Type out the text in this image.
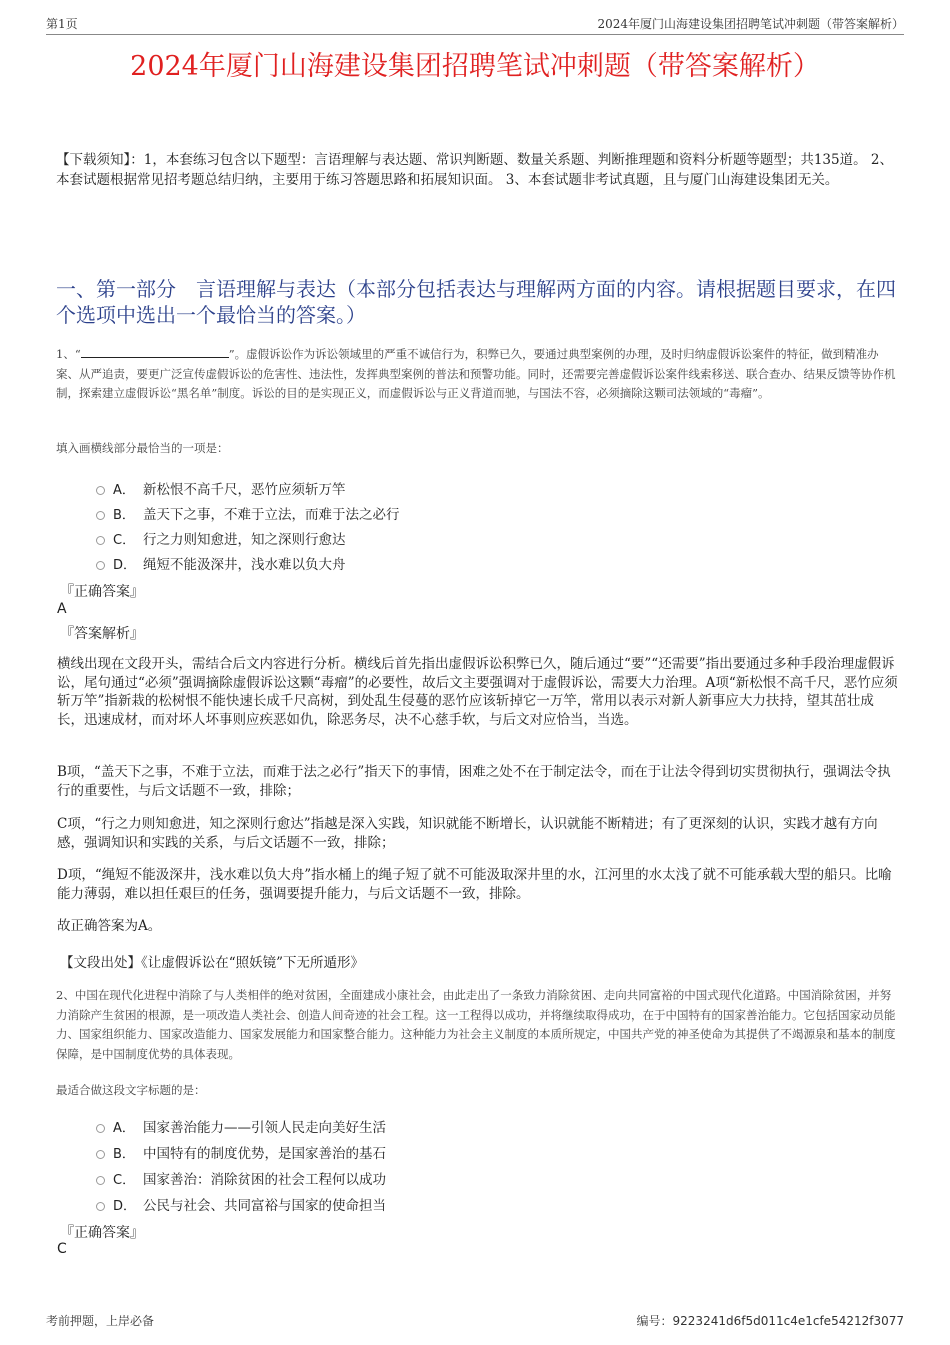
第1页	2024年厦门山海建设集团招聘笔试冲刺题（带答案解析）
2024年厦门山海建设集团招聘笔试冲刺题（带答案解析）
【下载须知】：1，本套练习包含以下题型：言语理解与表达题、常识判断题、数量关系题、判断推理题和资料分析题等题型；共135道。 2、本套试题根据常见招考题总结归纳，主要用于练习答题思路和拓展知识面。 3、本套试题非考试真题，且与厦门山海建设集团无关。
一、第一部分　言语理解与表达（本部分包括表达与理解两方面的内容。请根据题目要求，在四个选项中选出一个最恰当的答案。）
1、“	”。虚假诉讼作为诉讼领域里的严重不诚信行为，积弊已久，要通过典型案例的办理，及时归纳虚假诉讼案件的特征，做到精准办案、从严追责，要更广泛宣传虚假诉讼的危害性、违法性，发挥典型案例的普法和预警功能。同时，还需要完善虚假诉讼案件线索移送、联合查办、结果反馈等协作机制，探索建立虚假诉讼“黑名单”制度。诉讼的目的是实现正义，而虚假诉讼与正义背道而驰，与国法不容，必须摘除这颗司法领域的“毒瘤”。
填入画横线部分最恰当的一项是：
A． 新松恨不高千尺，恶竹应须斩万竿
B． 盖天下之事，不难于立法，而难于法之必行
C． 行之力则知愈进，知之深则行愈达
D． 绳短不能汲深井，浅水难以负大舟
『正确答案』
A
『答案解析』
横线出现在文段开头，需结合后文内容进行分析。横线后首先指出虚假诉讼积弊已久，随后通过“要”“还需要”指出要通过多种手段治理虚假诉讼，尾句通过“必须”强调摘除虚假诉讼这颗“毒瘤”的必要性，故后文主要强调对于虚假诉讼，需要大力治理。A项“新松恨不高千尺，恶竹应须斩万竿”指新栽的松树恨不能快速长成千尺高树，到处乱生侵蔓的恶竹应该斩掉它一万竿，常用以表示对新人新事应大力扶持，望其茁壮成长，迅速成材，而对坏人坏事则应疾恶如仇，除恶务尽，决不心慈手软，与后文对应恰当，当选。
B项，“盖天下之事，不难于立法，而难于法之必行”指天下的事情，困难之处不在于制定法令，而在于让法令得到切实贯彻执行，强调法令执行的重要性，与后文话题不一致，排除；
C项，“行之力则知愈进，知之深则行愈达”指越是深入实践，知识就能不断增长，认识就能不断精进；有了更深刻的认识，实践才越有方向感，强调知识和实践的关系，与后文话题不一致，排除；
D项，“绳短不能汲深井，浅水难以负大舟”指水桶上的绳子短了就不可能汲取深井里的水，江河里的水太浅了就不可能承载大型的船只。比喻能力薄弱，难以担任艰巨的任务，强调要提升能力，与后文话题不一致，排除。
故正确答案为A。
【文段出处】《让虚假诉讼在“照妖镜”下无所遁形》
2、中国在现代化进程中消除了与人类相伴的绝对贫困，全面建成小康社会，由此走出了一条致力消除贫困、走向共同富裕的中国式现代化道路。中国消除贫困，并努力消除产生贫困的根源，是一项改造人类社会、创造人间奇迹的社会工程。这一工程得以成功，并将继续取得成功，在于中国特有的国家善治能力。它包括国家动员能力、国家组织能力、国家改造能力、国家发展能力和国家整合能力。这种能力为社会主义制度的本质所规定，中国共产党的神圣使命为其提供了不竭源泉和基本的制度保障，是中国制度优势的具体表现。
最适合做这段文字标题的是：
A． 国家善治能力——引领人民走向美好生活
B． 中国特有的制度优势，是国家善治的基石
C． 国家善治：消除贫困的社会工程何以成功
D． 公民与社会、共同富裕与国家的使命担当
『正确答案』
C
考前押题，上岸必备	编号：9223241d6f5d011c4e1cfe54212f3077
